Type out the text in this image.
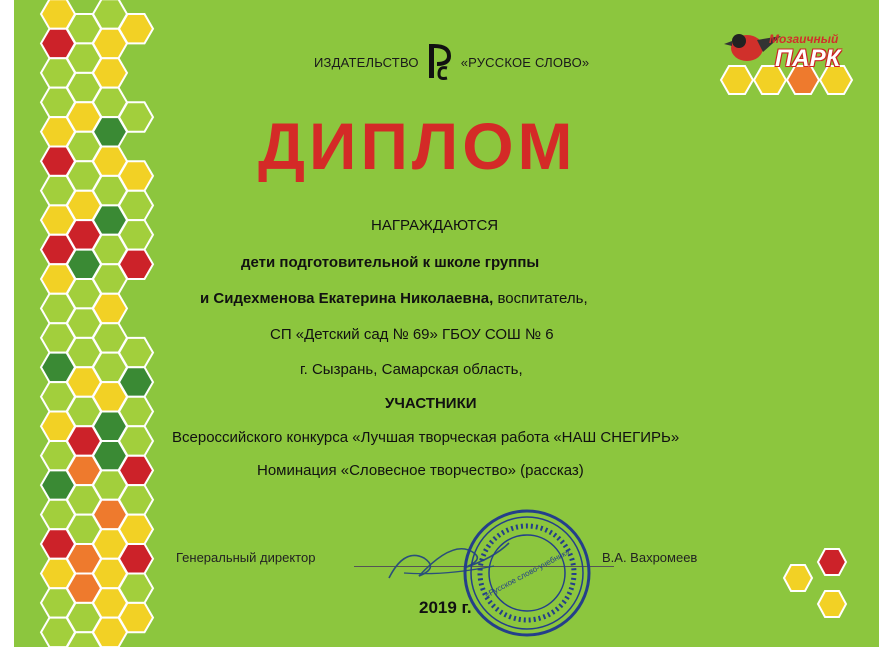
ИЗДАТЕЛЬСТВО	«РУССКОЕ СЛОВО»
Мозаичный
ПАРК
ДИПЛОМ
НАГРАЖДАЮТСЯ
дети подготовительной к школе группы
и Сидехменова Екатерина Николаевна, воспитатель,
СП «Детский сад № 69» ГБОУ СОШ № 6
г. Сызрань, Самарская область,
УЧАСТНИКИ
Всероссийского конкурса «Лучшая творческая работа «НАШ СНЕГИРЬ»
Номинация «Словесное творчество» (рассказ)
Генеральный директор	В.А. Вахромеев
«Русское слово-учебник»
2019 г.
